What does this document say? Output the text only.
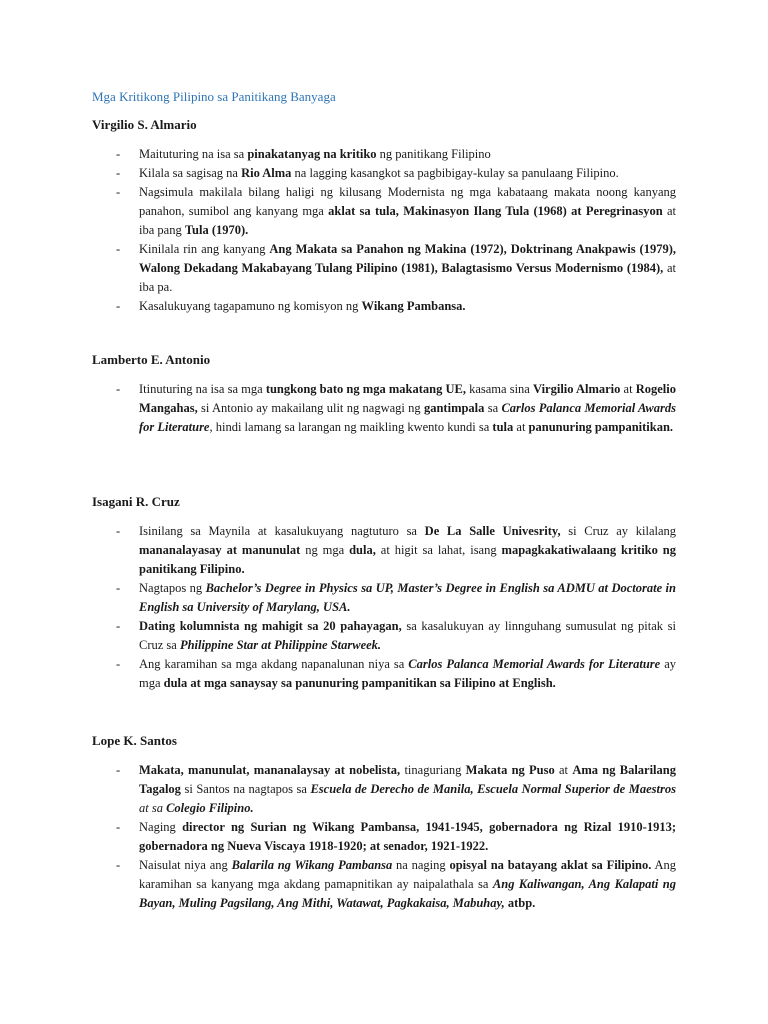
Mga Kritikong Pilipino sa Panitikang Banyaga
Virgilio S. Almario
- Maituturing na isa sa pinakatanyag na kritiko ng panitikang Filipino
- Kilala sa sagisag na Rio Alma na lagging kasangkot sa pagbibigay-kulay sa panulaang Filipino.
- Nagsimula makilala bilang haligi ng kilusang Modernista ng mga kabataang makata noong kanyang panahon, sumibol ang kanyang mga aklat sa tula, Makinasyon Ilang Tula (1968) at Peregrinasyon at iba pang Tula (1970).
- Kinilala rin ang kanyang Ang Makata sa Panahon ng Makina (1972), Doktrinang Anakpawis (1979), Walong Dekadang Makabayang Tulang Pilipino (1981), Balagtasismo Versus Modernismo (1984), at iba pa.
- Kasalukuyang tagapamuno ng komisyon ng Wikang Pambansa.
Lamberto E. Antonio
- Itinuturing na isa sa mga tungkong bato ng mga makatang UE, kasama sina Virgilio Almario at Rogelio Mangahas, si Antonio ay makailang ulit ng nagwagi ng gantimpala sa Carlos Palanca Memorial Awards for Literature, hindi lamang sa larangan ng maikling kwento kundi sa tula at panunuring pampanitikan.
Isagani R. Cruz
- Isinilang sa Maynila at kasalukuyang nagtuturo sa De La Salle Univesrity, si Cruz ay kilalang mananalayasay at manunulat ng mga dula, at higit sa lahat, isang mapagkakatiwalaang kritiko ng panitikang Filipino.
- Nagtapos ng Bachelor’s Degree in Physics sa UP, Master’s Degree in English sa ADMU at Doctorate in English sa University of Marylang, USA.
- Dating kolumnista ng mahigit sa 20 pahayagan, sa kasalukuyan ay linnguhang sumusulat ng pitak si Cruz sa Philippine Star at Philippine Starweek.
- Ang karamihan sa mga akdang napanalunan niya sa Carlos Palanca Memorial Awards for Literature ay mga dula at mga sanaysay sa panunuring pampanitikan sa Filipino at English.
Lope K. Santos
- Makata, manunulat, mananalaysay at nobelista, tinaguriang Makata ng Puso at Ama ng Balarilang Tagalog si Santos na nagtapos sa Escuela de Derecho de Manila, Escuela Normal Superior de Maestros at sa Colegio Filipino.
- Naging director ng Surian ng Wikang Pambansa, 1941-1945, gobernadora ng Rizal 1910-1913; gobernadora ng Nueva Viscaya 1918-1920; at senador, 1921-1922.
- Naisulat niya ang Balarila ng Wikang Pambansa na naging opisyal na batayang aklat sa Filipino. Ang karamihan sa kanyang mga akdang pamapnitikan ay naipalathala sa Ang Kaliwangan, Ang Kalapati ng Bayan, Muling Pagsilang, Ang Mithi, Watawat, Pagkakaisa, Mabuhay, atbp.
